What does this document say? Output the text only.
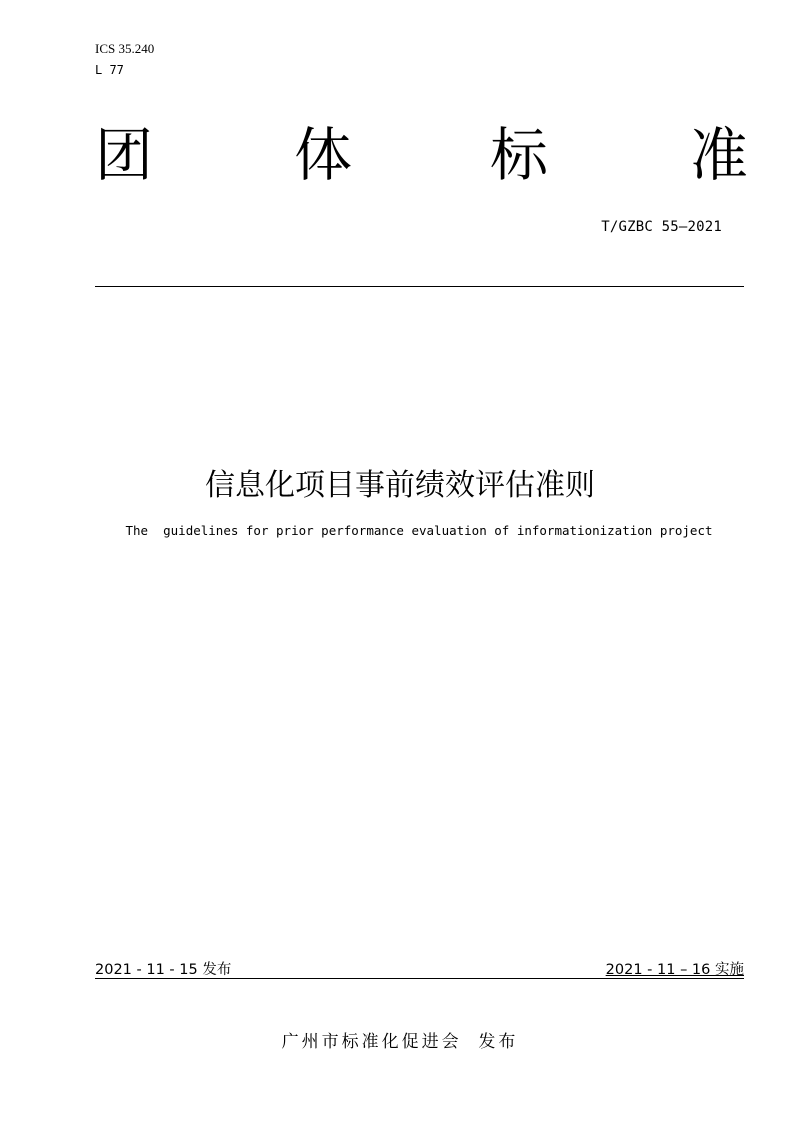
ICS 35.240
L 77
团 体 标 准
T/GZBC 55—2021
信息化项目事前绩效评估准则
The  guidelines for prior performance evaluation of informationization project
2021 - 11 - 15 发布	2021 - 11 – 16 实施
广州市标准化促进会  发布
